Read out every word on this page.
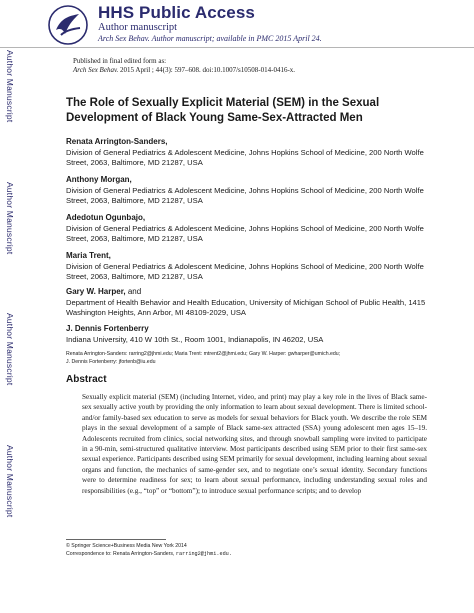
HHS Public Access
Author manuscript
Arch Sex Behav. Author manuscript; available in PMC 2015 April 24.
Author Manuscript
Author Manuscript
Author Manuscript
Author Manuscript
Published in final edited form as:
Arch Sex Behav. 2015 April ; 44(3): 597–608. doi:10.1007/s10508-014-0416-x.
The Role of Sexually Explicit Material (SEM) in the Sexual Development of Black Young Same-Sex-Attracted Men
Renata Arrington-Sanders,

Division of General Pediatrics & Adolescent Medicine, Johns Hopkins School of Medicine, 200 North Wolfe Street, 2063, Baltimore, MD 21287, USA

Anthony Morgan,

Division of General Pediatrics & Adolescent Medicine, Johns Hopkins School of Medicine, 200 North Wolfe Street, 2063, Baltimore, MD 21287, USA

Adedotun Ogunbajo,

Division of General Pediatrics & Adolescent Medicine, Johns Hopkins School of Medicine, 200 North Wolfe Street, 2063, Baltimore, MD 21287, USA

Maria Trent,

Division of General Pediatrics & Adolescent Medicine, Johns Hopkins School of Medicine, 200 North Wolfe Street, 2063, Baltimore, MD 21287, USA

Gary W. Harper, and

Department of Health Behavior and Health Education, University of Michigan School of Public Health, 1415 Washington Heights, Ann Arbor, MI 48109-2029, USA

J. Dennis Fortenberry

Indiana University, 410 W 10th St., Room 1001, Indianapolis, IN 46202, USA

Renata Arrington-Sanders: rarring2@jhmi.edu; Maria Trent: mtrent2@jhmi.edu; Gary W. Harper: gwharper@umich.edu;
J. Dennis Fortenberry: jfortenb@iu.edu
Abstract

Sexually explicit material (SEM) (including Internet, video, and print) may play a key role in the lives of Black same-sex sexually active youth by providing the only information to learn about sexual development. There is limited school-and/or family-based sex education to serve as models for sexual behaviors for Black youth. We describe the role SEM plays in the sexual development of a sample of Black same-sex attracted (SSA) young adolescent men ages 15–19. Adolescents recruited from clinics, social networking sites, and through snowball sampling were invited to participate in a 90-min, semi-structured qualitative interview. Most participants described using SEM prior to their first same-sex sexual experience. Participants described using SEM primarily for sexual development, including learning about sexual organs and function, the mechanics of same-gender sex, and to negotiate one’s sexual identity. Secondary functions were to determine readiness for sex; to learn about sexual performance, including understanding sexual roles and responsibilities (e.g., “top” or “bottom”); to introduce sexual performance scripts; and to develop

© Springer Science+Business Media New York 2014
Correspondence to: Renata Arrington-Sanders, rarring2@jhmi.edu.
